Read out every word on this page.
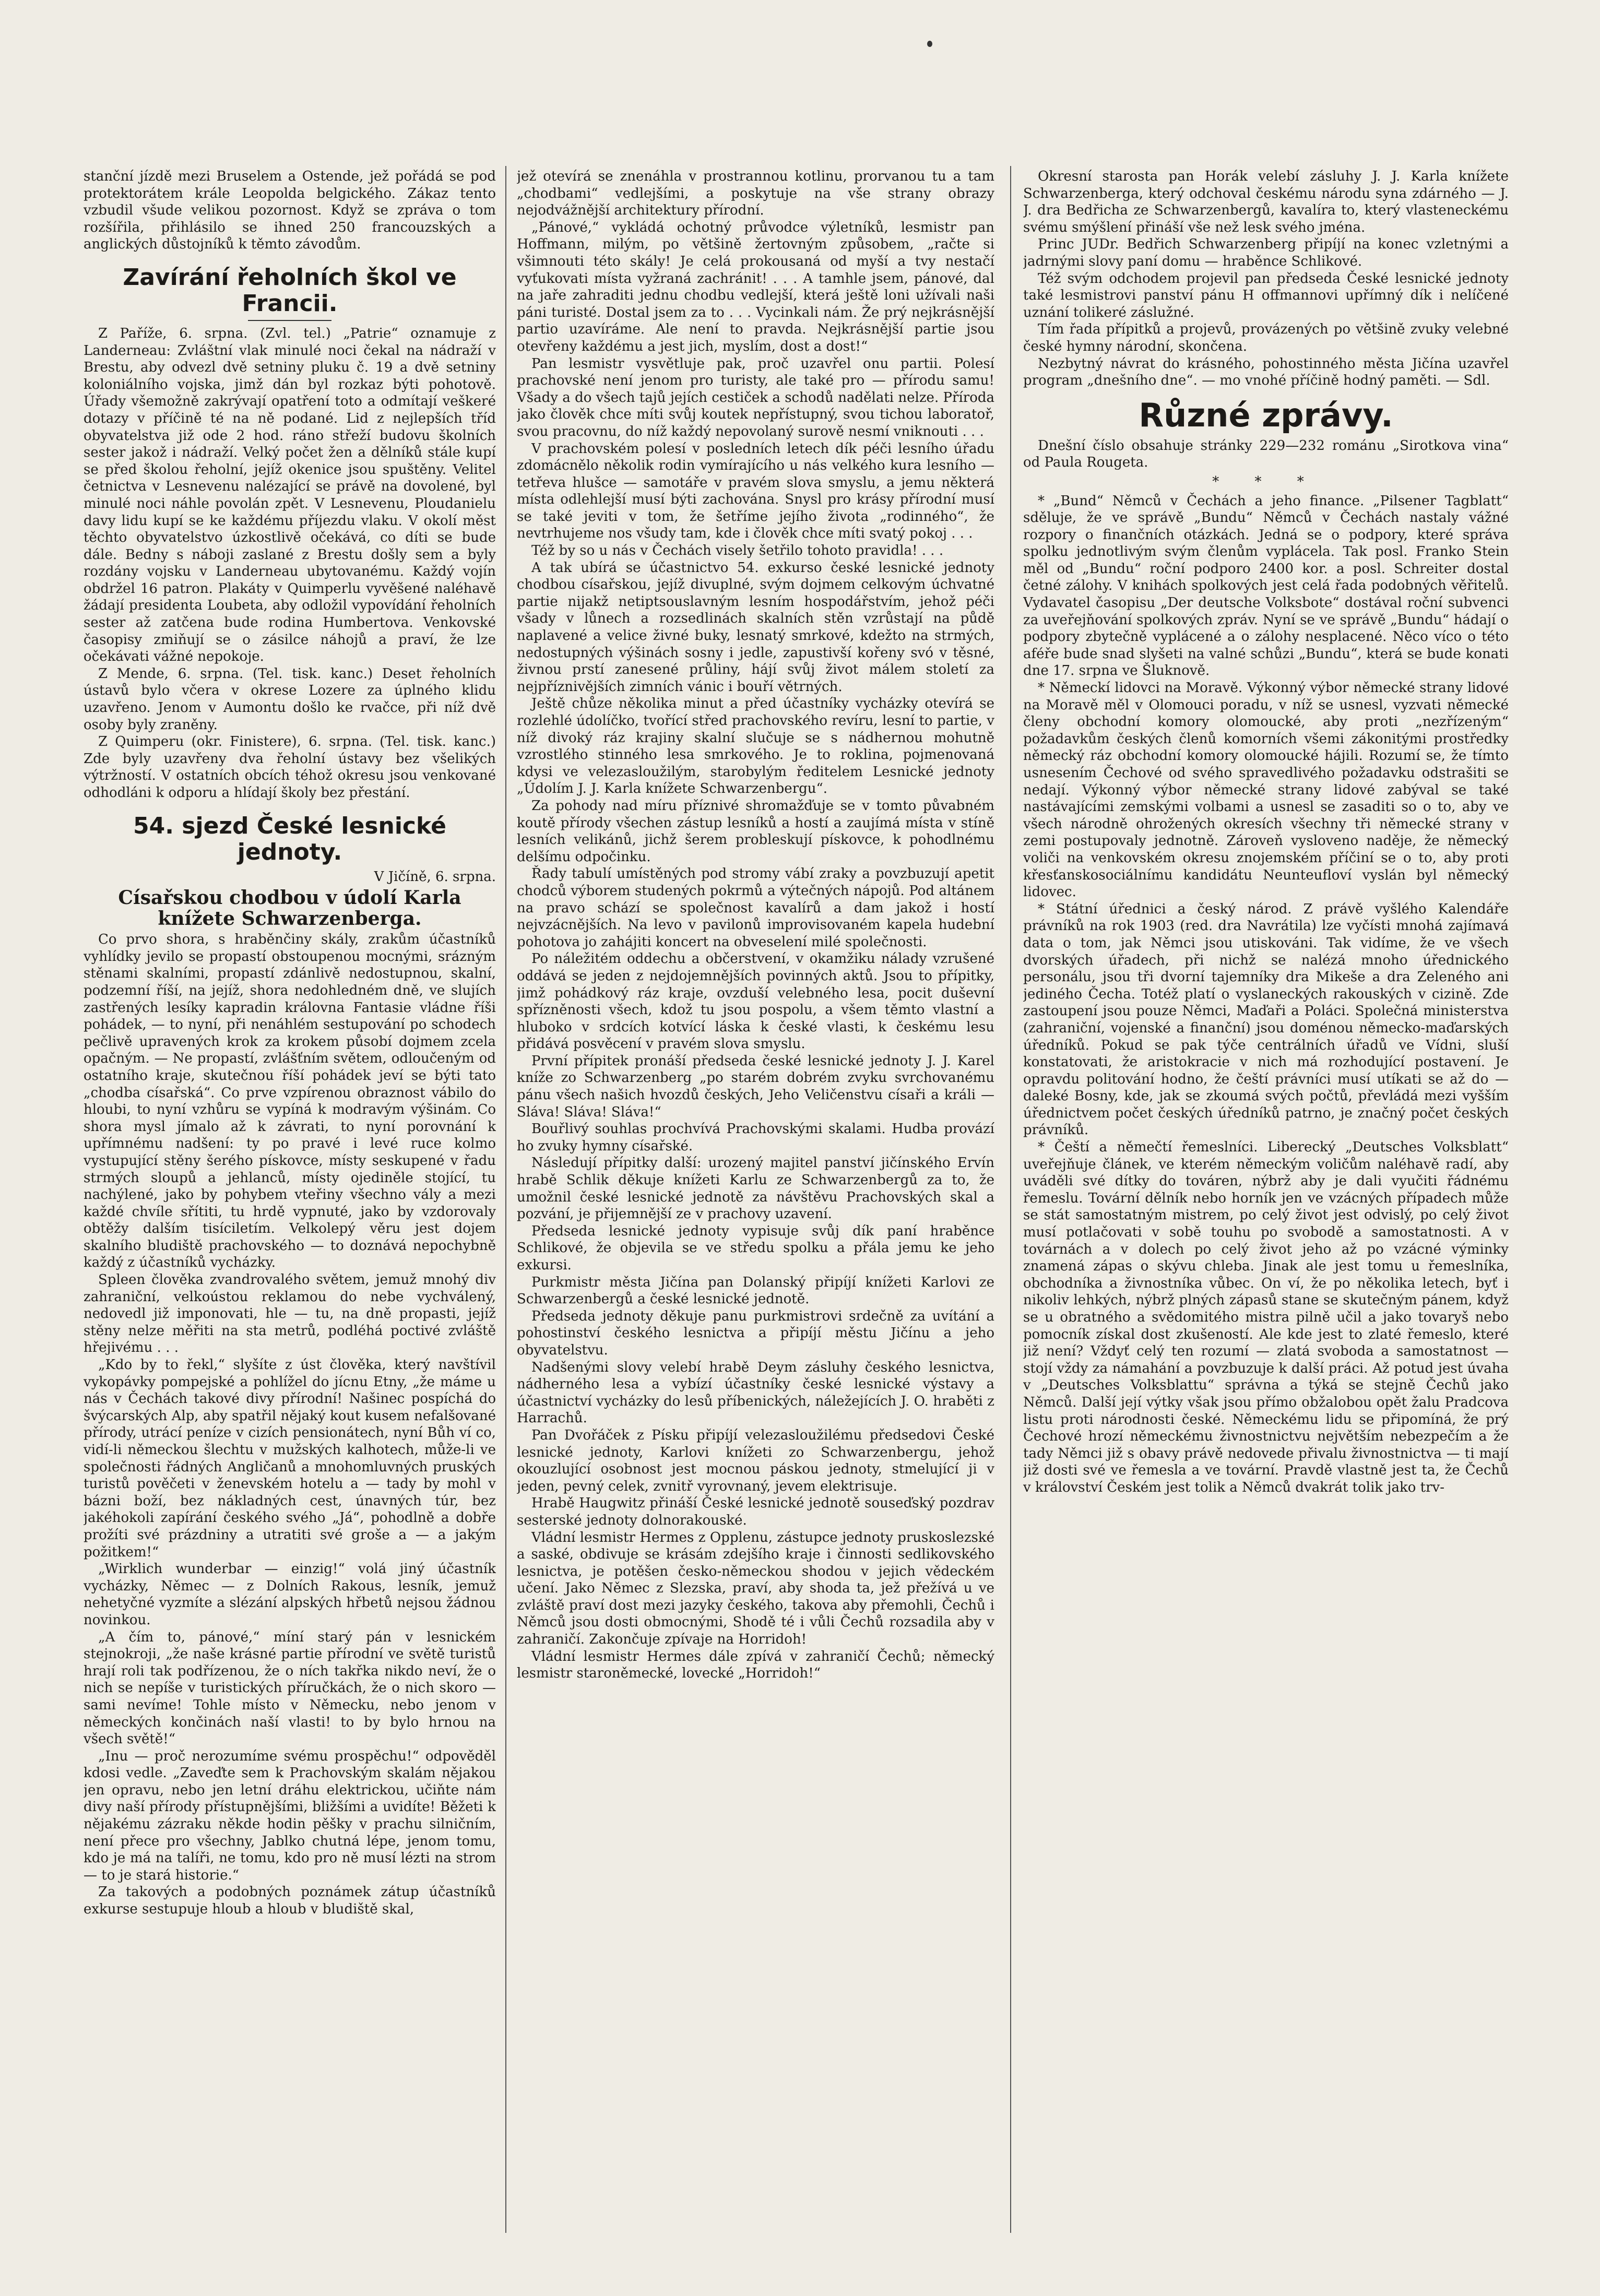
stanční jízdě mezi Bruselem a Ostende, jež pořádá se pod protektorátem krále Leopolda belgického. Zákaz tento vzbudil všude velikou pozornost. Když se zpráva o tom rozšířila, přihlásilo se ihned 250 francouzských a anglických důstojníků k těmto závodům.

Zavírání řeholních škol ve Francii.

Z Paříže, 6. srpna. (Zvl. tel.) „Patrie“ oznamuje z Landerneau: Zvláštní vlak minulé noci čekal na nádraží v Brestu, aby odvezl dvě setniny pluku č. 19 a dvě setniny koloniálního vojska, jimž dán byl rozkaz býti pohotově. Úřady všemožně zakrývají opatření toto a odmítají veškeré dotazy v příčině té na ně podané. Lid z nejlepších tříd obyvatelstva již ode 2 hod. ráno střeží budovu školních sester jakož i nádraží. Velký počet žen a dělníků stále kupí se před školou řeholní, jejíž okenice jsou spuštěny. Velitel četnictva v Lesnevenu nalézající se právě na dovolené, byl minulé noci náhle povolán zpět. V Lesnevenu, Ploudanielu davy lidu kupí se ke každému příjezdu vlaku. V okolí měst těchto obyvatelstvo úzkostlivě očekává, co díti se bude dále. Bedny s náboji zaslané z Brestu došly sem a byly rozdány vojsku v Landerneau ubytovanému. Každý vojín obdržel 16 patron. Plakáty v Quimperlu vyvěšené naléhavě žádají presidenta Loubeta, aby odložil vypovídání řeholních sester až zatčena bude rodina Humbertova. Venkovské časopisy zmiňují se o zásilce náhojů a praví, že lze očekávati vážné nepokoje.

Z Mende, 6. srpna. (Tel. tisk. kanc.) Deset řeholních ústavů bylo včera v okrese Lozere za úplného klidu uzavřeno. Jenom v Aumontu došlo ke rvačce, při níž dvě osoby byly zraněny.

Z Quimperu (okr. Finistere), 6. srpna. (Tel. tisk. kanc.) Zde byly uzavřeny dva řeholní ústavy bez všelikých výtržností. V ostatních obcích téhož okresu jsou venkované odhodláni k odporu a hlídají školy bez přestání.

54. sjezd České lesnické jednoty.
V Jičíně, 6. srpna.
Císařskou chodbou v údolí Karla knížete Schwarzenberga.

Co prvo shora, s hraběnčiny skály, zrakům účastníků vyhlídky jevilo se propastí obstoupenou mocnými, srázným stěnami skalními, propastí zdánlivě nedostupnou, skalní, podzemní říší, na jejíž, shora nedohledném dně, ve slujích zastřených lesíky kapradin královna Fantasie vládne říši pohádek, — to nyní, při nenáhlém sestupování po schodech pečlivě upravených krok za krokem působí dojmem zcela opačným. — Ne propastí, zvlášťním světem, odloučeným od ostatního kraje, skutečnou říší pohádek jeví se býti tato „chodba císařská“. Co prve vzpírenou obraznost vábilo do hloubi, to nyní vzhůru se vypíná k modravým výšinám. Co shora mysl jímalo až k závrati, to nyní porovnání k upřímnému nadšení: ty po pravé i levé ruce kolmo vystupující stěny šerého pískovce, místy seskupené v řadu strmých sloupů a jehlanců, místy ojediněle stojící, tu nachýlené, jako by pohybem vteřiny všechno vály a mezi každé chvíle sřítiti, tu hrdě vypnuté, jako by vzdorovaly obtěžy dalším tisíciletím. Velkolepý věru jest dojem skalního bludiště prachovského — to doznává nepochybně každý z účastníků vycházky.

Spleen člověka zvandrovalého světem, jemuž mnohý div zahraniční, velkoústou reklamou do nebe vychválený, nedovedl již imponovati, hle — tu, na dně propasti, jejíž stěny nelze měřiti na sta metrů, podléhá poctivé zvláště hřejivému . . .

„Kdo by to řekl,“ slyšíte z úst člověka, který navštívil vykopávky pompejské a pohlížel do jícnu Etny, „že máme u nás v Čechách takové divy přírodní! Našinec pospíchá do švýcarských Alp, aby spatřil nějaký kout kusem nefalšované přírody, utrácí peníze v cizích pensionátech, nyní Bůh ví co, vidí-li německou šlechtu v mužských kalhotech, může-li ve společnosti řádných Angličanů a mnohomluvných pruských turistů pověčeti v ženevském hotelu a — tady by mohl v bázni boží, bez nákladných cest, únavných túr, bez jakéhokoli zapírání českého svého „Já“, pohodlně a dobře prožíti své prázdniny a utratiti své groše a — a jakým požitkem!“

„Wirklich wunderbar — einzig!“ volá jiný účastník vycházky, Němec — z Dolních Rakous, lesník, jemuž nehetyčné vyzmíte a slézání alpských hřbetů nejsou žádnou novinkou.

„A čím to, pánové,“ míní starý pán v lesnickém stejnokroji, „že naše krásné partie přírodní ve světě turistů hrají roli tak podřízenou, že o ních takřka nikdo neví, že o nich se nepíše v turistických příručkách, že o nich skoro — sami nevíme! Tohle místo v Německu, nebo jenom v německých končinách naší vlasti! to by bylo hrnou na všech světě!“

„Inu — proč nerozumíme svému prospěchu!“ odpověděl kdosi vedle. „Zaveďte sem k Prachovským skalám nějakou jen opravu, nebo jen letní dráhu elektrickou, učiňte nám divy naší přírody přístupnějšími, bližšími a uvidíte! Běžeti k nějakému zázraku někde hodin pěšky v prachu silničním, není přece pro všechny, Jablko chutná lépe, jenom tomu, kdo je má na talíři, ne tomu, kdo pro ně musí lézti na strom — to je stará historie.“

Za takových a podobných poznámek zátup účastníků exkurse sestupuje hloub a hloub v bludiště skal,

jež otevírá se znenáhla v prostrannou kotlinu, prorvanou tu a tam „chodbami“ vedlejšími, a poskytuje na vše strany obrazy nejodvážnější architektury přírodní.

„Pánové,“ vykládá ochotný průvodce výletníků, lesmistr pan Hoffmann, milým, po většině žertovným způsobem, „račte si všimnouti této skály! Je celá prokousaná od myší a tvy nestačí vyťukovati místa vyžraná zachránit! . . . A tamhle jsem, pánové, dal na jaře zahraditi jednu chodbu vedlejší, která ještě loni užívali naši páni turisté. Dostal jsem za to . . . Vycinkali nám. Že prý nejkrásnější partio uzavíráme. Ale není to pravda. Nejkrásnější partie jsou otevřeny každému a jest jich, myslím, dost a dost!“

Pan lesmistr vysvětluje pak, proč uzavřel onu partii. Polesí prachovské není jenom pro turisty, ale také pro — přírodu samu! Všady a do všech tajů jejích cestiček a schodů nadělati nelze. Příroda jako člověk chce míti svůj koutek nepřístupný, svou tichou laboratoř, svou pracovnu, do níž každý nepovolaný surově nesmí vniknouti . . .

V prachovském polesí v posledních letech dík péči lesního úřadu zdomácnělo několik rodin vymírajícího u nás velkého kura lesního — tetřeva hlušce — samotáře v pravém slova smyslu, a jemu některá místa odlehlejší musí býti zachována. Snysl pro krásy přírodní musí se také jeviti v tom, že šetříme jejího života „rodinného“, že nevtrhujeme nos všudy tam, kde i člověk chce míti svatý pokoj . . .

Též by so u nás v Čechách visely šetřilo tohoto pravidla! . . .

A tak ubírá se účastnictvo 54. exkurso české lesnické jednoty chodbou císařskou, jejíž divuplné, svým dojmem celkovým úchvatné partie nijakž netiptsouslavným lesním hospodářstvím, jehož péči všady v lůnech a rozsedlinách skalních stěn vzrůstají na půdě naplavené a velice živné buky, lesnatý smrkové, kdežto na strmých, nedostupných výšinách sosny i jedle, zapustivší kořeny svó v těsné, živnou prstí zanesené průliny, hájí svůj život málem století za nejpříznivějších zimních vánic i bouří větrných.

Ještě chůze několika minut a před účastníky vycházky otevírá se rozlehlé údolíčko, tvořící střed prachovského revíru, lesní to partie, v níž divoký ráz krajiny skalní slučuje se s nádhernou mohutně vzrostlého stinného lesa smrkového. Je to roklina, pojmenovaná kdysi ve velezasloužilým, starobylým ředitelem Lesnické jednoty „Údolím J. J. Karla knížete Schwarzenbergu“.

Za pohody nad míru příznivé shromažďuje se v tomto půvabném koutě přírody všechen zástup lesníků a hostí a zaujímá místa v stíně lesních velikánů, jichž šerem probleskují pískovce, k pohodlnému delšímu odpočinku.

Řady tabulí umístěných pod stromy vábí zraky a povzbuzují apetit chodců výborem studených pokrmů a výtečných nápojů. Pod altánem na pravo schází se společnost kavalírů a dam jakož i hostí nejvzácnějších. Na levo v pavilonů improvisovaném kapela hudební pohotova jo zahájiti koncert na obveselení milé společnosti.

Po náležitém oddechu a občerstvení, v okamžiku nálady vzrušené oddává se jeden z nejdojemnějších povinných aktů. Jsou to přípitky, jimž pohádkový ráz kraje, ovzduší velebného lesa, pocit duševní spřízněnosti všech, kdož tu jsou pospolu, a všem těmto vlastní a hluboko v srdcích kotvící láska k české vlasti, k českému lesu přidává posvěcení v pravém slova smyslu.

První přípitek pronáší předseda české lesnické jednoty J. J. Karel kníže zo Schwarzenberg „po starém dobrém zvyku svrchovanému pánu všech našich hvozdů českých, Jeho Veličenstvu císaři a králi — Sláva! Sláva! Sláva!“

Bouřlivý souhlas prochvívá Prachovskými skalami. Hudba provází ho zvuky hymny císařské.

Následují přípitky další: urozený majitel panství jičínského Ervín hrabě Schlik děkuje knížeti Karlu ze Schwarzenbergů za to, že umožnil české lesnické jednotě za návštěvu Prachovských skal a pozvání, je přijemnější ze v prachovy uzavení.

Předseda lesnické jednoty vypisuje svůj dík paní hraběnce Schlikové, že objevila se ve středu spolku a přála jemu ke jeho exkursi.

Purkmistr města Jičína pan Dolanský připíjí knížeti Karlovi ze Schwarzenbergů a české lesnické jednotě.

Předseda jednoty děkuje panu purkmistrovi srdečně za uvítání a pohostinství českého lesnictva a připíjí městu Jičínu a jeho obyvatelstvu.

Nadšenými slovy velebí hrabě Deym zásluhy českého lesnictva, nádherného lesa a vybízí účastníky české lesnické výstavy a účastnictví vycházky do lesů příbenických, náležejících J. O. hraběti z Harrachů.

Pan Dvořáček z Písku připíjí velezasloužilému předsedovi České lesnické jednoty, Karlovi knížeti zo Schwarzenbergu, jehož okouzlující osobnost jest mocnou páskou jednoty, stmelující ji v jeden, pevný celek, zvnitř vyrovnaný, jevem elektrisuje.

Hrabě Haugwitz přináší České lesnické jednotě souseďský pozdrav sesterské jednoty dolnorakouské.

Vládní lesmistr Hermes z Opplenu, zástupce jednoty pruskoslezské a saské, obdivuje se krásám zdejšího kraje i činnosti sedlikovského lesnictva, je potěšen česko-německou shodou v jejich vědeckém učení. Jako Němec z Slezska, praví, aby shoda ta, jež přežívá u ve zvláště praví dost mezi jazyky českého, takova aby přemohli, Čechů i Němců jsou dosti obmocnými, Shodě té i vůli Čechů rozsadila aby v zahraničí. Zakončuje zpívaje na Horridoh!

Vládní lesmistr Hermes dále zpívá v zahraničí Čechů; německý lesmistr staroněmecké, lovecké „Horridoh!“

Okresní starosta pan Horák velebí zásluhy J. J. Karla knížete Schwarzenberga, který odchoval českému národu syna zdárného — J. J. dra Bedřicha ze Schwarzenbergů, kavalíra to, který vlasteneckému svému smýšlení přináší vše než lesk svého jména.

Princ JUDr. Bedřich Schwarzenberg připíjí na konec vzletnými a jadrnými slovy paní domu — hraběnce Schlikové.

Též svým odchodem projevil pan předseda České lesnické jednoty také lesmistrovi panství pánu H offmannovi upřímný dík i nelíčené uznání tolikeré záslužné.

Tím řada přípitků a projevů, provázených po většině zvuky velebné české hymny národní, skončena.

Nezbytný návrat do krásného, pohostinného města Jičína uzavřel program „dnešního dne“. — mo vnohé příčině hodný paměti. — Sdl.

Různé zprávy.

Dnešní číslo obsahuje stránky 229—232 románu „Sirotkova vina“ od Paula Rougeta.

* * *

* „Bund“ Němců v Čechách a jeho finance. „Pilsener Tagblatt“ sděluje, že ve správě „Bundu“ Němců v Čechách nastaly vážné rozpory o finančních otázkách. Jedná se o podpory, které správa spolku jednotlivým svým členům vyplácela. Tak posl. Franko Stein měl od „Bundu“ roční podporo 2400 kor. a posl. Schreiter dostal četné zálohy. V knihách spolkových jest celá řada podobných věřitelů. Vydavatel časopisu „Der deutsche Volksbote“ dostával roční subvenci za uveřejňování spolkových zpráv. Nyní se ve správě „Bundu“ hádají o podpory zbytečně vyplácené a o zálohy nesplacené. Něco víco o této aféře bude snad slyšeti na valné schůzi „Bundu“, která se bude konati dne 17. srpna ve Šluknově.

* Německí lidovci na Moravě. Výkonný výbor německé strany lidové na Moravě měl v Olomouci poradu, v níž se usnesl, vyzvati německé členy obchodní komory olomoucké, aby proti „nezřízeným“ požadavkům českých členů komorních všemi zákonitými prostředky německý ráz obchodní komory olomoucké hájili. Rozumí se, že tímto usnesením Čechové od svého spravedlivého požadavku odstrašiti se nedají. Výkonný výbor německé strany lidové zabýval se také nastávajícími zemskými volbami a usnesl se zasaditi so o to, aby ve všech národně ohrožených okresích všechny tři německé strany v zemi postupovaly jednotně. Zároveň vysloveno naděje, že německý voliči na venkovském okresu znojemském příčiní se o to, aby proti křesťanskosociálnímu kandidátu Neunteufloví vyslán byl německý lidovec.

* Státní úřednici a český národ. Z právě vyšlého Kalendáře právníků na rok 1903 (red. dra Navrátila) lze vyčísti mnohá zajímavá data o tom, jak Němci jsou utiskováni. Tak vidíme, že ve všech dvorských úřadech, při nichž se nalézá mnoho úřednického personálu, jsou tři dvorní tajemníky dra Mikeše a dra Zeleného ani jediného Čecha. Totéž platí o vyslaneckých rakouských v cizině. Zde zastoupení jsou pouze Němci, Maďaři a Poláci. Společná ministerstva (zahraniční, vojenské a finanční) jsou doménou německo-maďarských úředníků. Pokud se pak týče centrálních úřadů ve Vídni, sluší konstatovati, že aristokracie v nich má rozhodující postavení. Je opravdu politování hodno, že čeští právníci musí utíkati se až do — daleké Bosny, kde, jak se zkoumá svých počtů, převládá mezi vyšším úřednictvem počet českých úředníků patrno, je značný počet českých právníků.

* Čeští a němečtí řemeslníci. Liberecký „Deutsches Volksblatt“ uveřejňuje článek, ve kterém německým voličům naléhavě radí, aby uváděli své dítky do továren, nýbrž aby je dali vyučiti řádnému řemeslu. Tovární dělník nebo horník jen ve vzácných případech může se stát samostatným mistrem, po celý život jest odvislý, po celý život musí potlačovati v sobě touhu po svobodě a samostatnosti. A v továrnách a v dolech po celý život jeho až po vzácné výminky znamená zápas o skývu chleba. Jinak ale jest tomu u řemeslníka, obchodníka a živnostníka vůbec. On ví, že po několika letech, byť i nikoliv lehkých, nýbrž plných zápasů stane se skutečným pánem, když se u obratného a svědomitého mistra pilně učil a jako tovaryš nebo pomocník získal dost zkušeností. Ale kde jest to zlaté řemeslo, které již není? Vždyť celý ten rozumí — zlatá svoboda a samostatnost — stojí vždy za námahání a povzbuzuje k další práci. Až potud jest úvaha v „Deutsches Volksblattu“ správna a týká se stejně Čechů jako Němců. Další její výtky však jsou přímo obžalobou opět žalu Pradcova listu proti národnosti české. Německému lidu se připomíná, že prý Čechové hrozí německému živnostnictvu největším nebezpečím a že tady Němci již s obavy právě nedovede přivalu živnostnictva — ti mají již dosti své ve řemesla a ve tovární. Pravdě vlastně jest ta, že Čechů v království Českém jest tolik a Němců dvakrát tolik jako trv-
